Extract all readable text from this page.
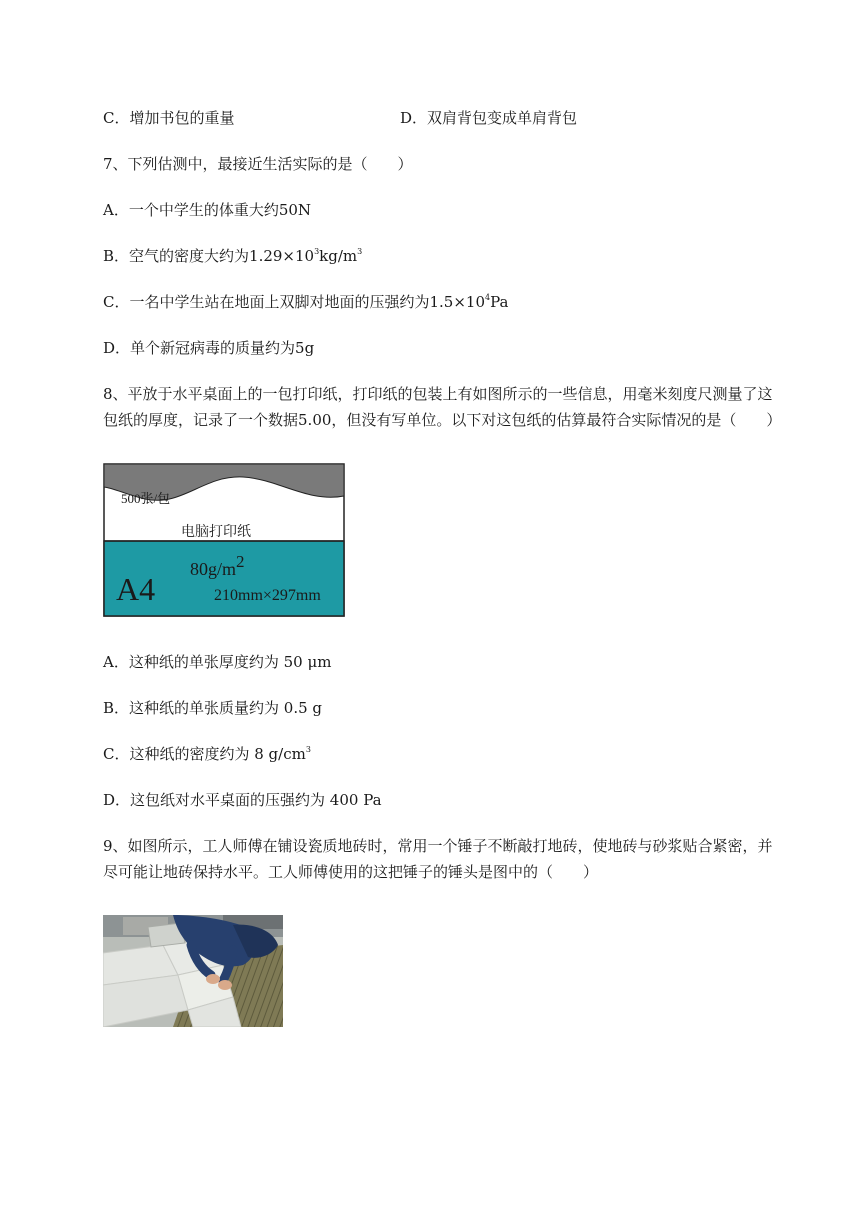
C．增加书包的重量	D．双肩背包变成单肩背包
7、下列估测中，最接近生活实际的是（　　）
A．一个中学生的体重大约50N
B．空气的密度大约为$1.29\times 10^3kg/m^3$
C．一名中学生站在地面上双脚对地面的压强约为$1.5\times 10^4Pa$
D．单个新冠病毒的质量约为5g
8、平放于水平桌面上的一包打印纸，打印纸的包装上有如图所示的一些信息，用毫米刻度尺测量了这
包纸的厚度，记录了一个数据5.00，但没有写单位。以下对这包纸的估算最符合实际情况的是（　　）
500张/包
电脑打印纸
A4
80g/m2
210mm×297mm
A．这种纸的单张厚度约为 50 μm
B．这种纸的单张质量约为 0.5 g
C．这种纸的密度约为 8 $g/cm^3$
D．这包纸对水平桌面的压强约为 400 Pa
9、如图所示，工人师傅在铺设瓷质地砖时，常用一个锤子不断敲打地砖，使地砖与砂浆贴合紧密，并
尽可能让地砖保持水平。工人师傅使用的这把锤子的锤头是图中的（　　）
